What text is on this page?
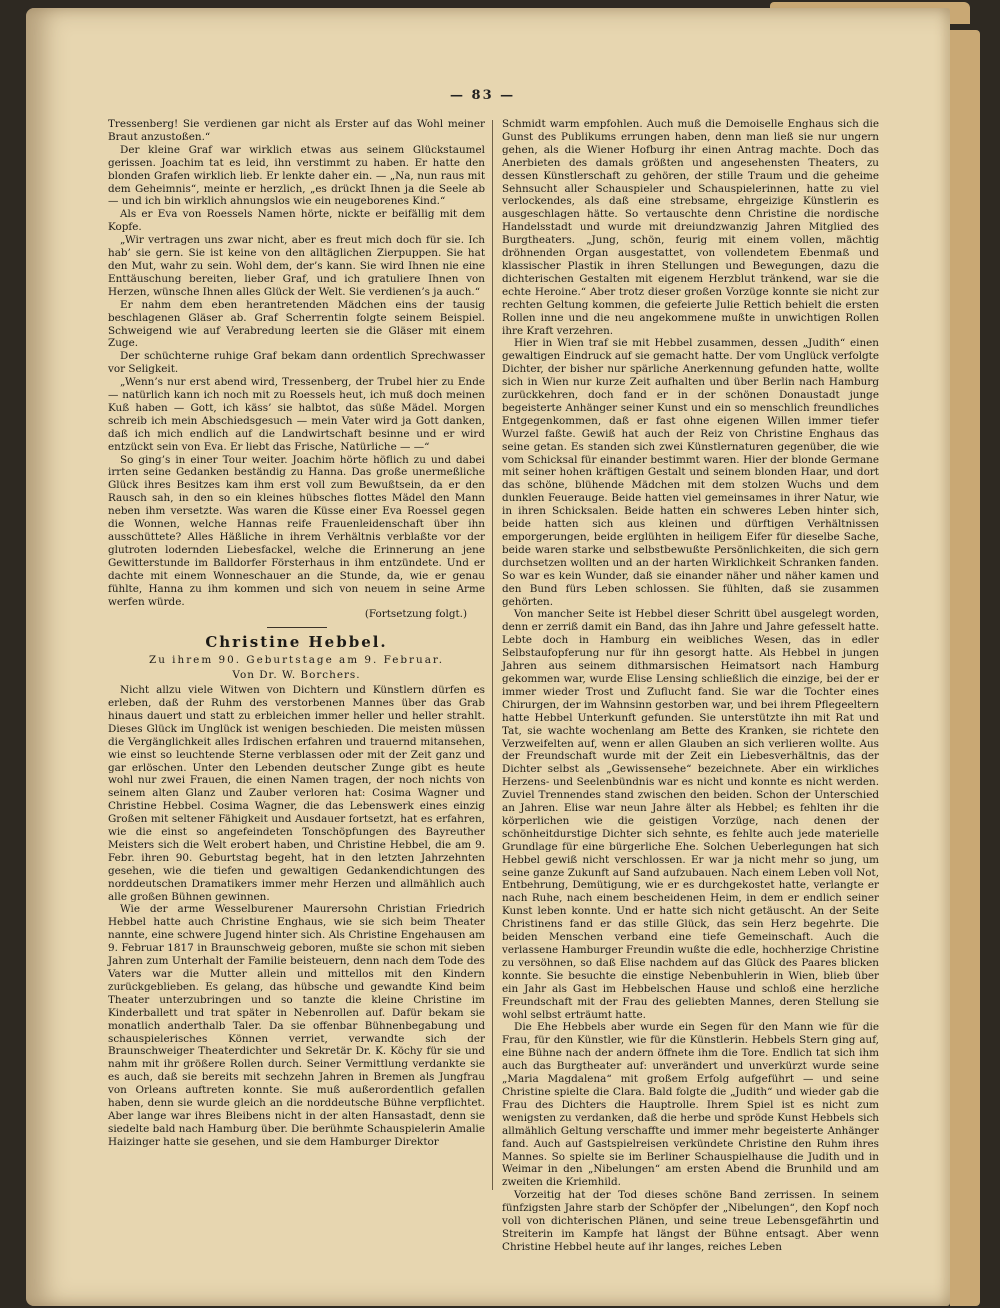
— 83 —

Tressenberg! Sie verdienen gar nicht als Erster auf das Wohl meiner Braut anzustoßen.“

Der kleine Graf war wirklich etwas aus seinem Glückstaumel gerissen. Joachim tat es leid, ihn verstimmt zu haben. Er hatte den blonden Grafen wirklich lieb. Er lenkte daher ein. — „Na, nun raus mit dem Geheimnis“, meinte er herzlich, „es drückt Ihnen ja die Seele ab — und ich bin wirklich ahnungslos wie ein neugeborenes Kind.“

Als er Eva von Roessels Namen hörte, nickte er beifällig mit dem Kopfe.

„Wir vertragen uns zwar nicht, aber es freut mich doch für sie. Ich hab’ sie gern. Sie ist keine von den alltäglichen Zierpuppen. Sie hat den Mut, wahr zu sein. Wohl dem, der’s kann. Sie wird Ihnen nie eine Enttäuschung bereiten, lieber Graf, und ich gratuliere Ihnen von Herzen, wünsche Ihnen alles Glück der Welt. Sie verdienen’s ja auch.“

Er nahm dem eben herantretenden Mädchen eins der tausig beschlagenen Gläser ab. Graf Scherrentin folgte seinem Beispiel. Schweigend wie auf Verabredung leerten sie die Gläser mit einem Zuge.

Der schüchterne ruhige Graf bekam dann ordentlich Sprechwasser vor Seligkeit.

„Wenn’s nur erst abend wird, Tressenberg, der Trubel hier zu Ende — natürlich kann ich noch mit zu Roessels heut, ich muß doch meinen Kuß haben — Gott, ich käss’ sie halbtot, das süße Mädel. Morgen schreib ich mein Abschiedsgesuch — mein Vater wird ja Gott danken, daß ich mich endlich auf die Landwirtschaft besinne und er wird entzückt sein von Eva. Er liebt das Frische, Natürliche — —“

So ging’s in einer Tour weiter. Joachim hörte höflich zu und dabei irrten seine Gedanken beständig zu Hanna. Das große unermeßliche Glück ihres Besitzes kam ihm erst voll zum Bewußtsein, da er den Rausch sah, in den so ein kleines hübsches flottes Mädel den Mann neben ihm versetzte. Was waren die Küsse einer Eva Roessel gegen die Wonnen, welche Hannas reife Frauenleidenschaft über ihn ausschüttete? Alles Häßliche in ihrem Verhältnis verblaßte vor der glutroten lodernden Liebesfackel, welche die Erinnerung an jene Gewitterstunde im Balldorfer Försterhaus in ihm entzündete. Und er dachte mit einem Wonneschauer an die Stunde, da, wie er genau fühlte, Hanna zu ihm kommen und sich von neuem in seine Arme werfen würde.

(Fortsetzung folgt.)

Christine Hebbel.
Zu ihrem 90. Geburtstage am 9. Februar.
Von Dr. W. Borchers.

Nicht allzu viele Witwen von Dichtern und Künstlern dürfen es erleben, daß der Ruhm des verstorbenen Mannes über das Grab hinaus dauert und statt zu erbleichen immer heller und heller strahlt. Dieses Glück im Unglück ist wenigen beschieden. Die meisten müssen die Vergänglichkeit alles Irdischen erfahren und trauernd mitansehen, wie einst so leuchtende Sterne verblassen oder mit der Zeit ganz und gar erlöschen. Unter den Lebenden deutscher Zunge gibt es heute wohl nur zwei Frauen, die einen Namen tragen, der noch nichts von seinem alten Glanz und Zauber verloren hat: Cosima Wagner und Christine Hebbel. Cosima Wagner, die das Lebenswerk eines einzig Großen mit seltener Fähigkeit und Ausdauer fortsetzt, hat es erfahren, wie die einst so angefeindeten Tonschöpfungen des Bayreuther Meisters sich die Welt erobert haben, und Christine Hebbel, die am 9. Febr. ihren 90. Geburtstag begeht, hat in den letzten Jahrzehnten gesehen, wie die tiefen und gewaltigen Gedankendichtungen des norddeutschen Dramatikers immer mehr Herzen und allmählich auch alle großen Bühnen gewinnen.

Wie der arme Wesselburener Maurersohn Christian Friedrich Hebbel hatte auch Christine Enghaus, wie sie sich beim Theater nannte, eine schwere Jugend hinter sich. Als Christine Engehausen am 9. Februar 1817 in Braunschweig geboren, mußte sie schon mit sieben Jahren zum Unterhalt der Familie beisteuern, denn nach dem Tode des Vaters war die Mutter allein und mittellos mit den Kindern zurückgeblieben. Es gelang, das hübsche und gewandte Kind beim Theater unterzubringen und so tanzte die kleine Christine im Kinderballett und trat später in Nebenrollen auf. Dafür bekam sie monatlich anderthalb Taler. Da sie offenbar Bühnenbegabung und schauspielerisches Können verriet, verwandte sich der Braunschweiger Theaterdichter und Sekretär Dr. K. Köchy für sie und nahm mit ihr größere Rollen durch. Seiner Vermittlung verdankte sie es auch, daß sie bereits mit sechzehn Jahren in Bremen als Jungfrau von Orleans auftreten konnte. Sie muß außerordentlich gefallen haben, denn sie wurde gleich an die norddeutsche Bühne verpflichtet. Aber lange war ihres Bleibens nicht in der alten Hansastadt, denn sie siedelte bald nach Hamburg über. Die berühmte Schauspielerin Amalie Haizinger hatte sie gesehen, und sie dem Hamburger Direktor

Schmidt warm empfohlen. Auch muß die Demoiselle Enghaus sich die Gunst des Publikums errungen haben, denn man ließ sie nur ungern gehen, als die Wiener Hofburg ihr einen Antrag machte. Doch das Anerbieten des damals größten und angesehensten Theaters, zu dessen Künstlerschaft zu gehören, der stille Traum und die geheime Sehnsucht aller Schauspieler und Schauspielerinnen, hatte zu viel verlockendes, als daß eine strebsame, ehrgeizige Künstlerin es ausgeschlagen hätte. So vertauschte denn Christine die nordische Handelsstadt und wurde mit dreiundzwanzig Jahren Mitglied des Burgtheaters. „Jung, schön, feurig mit einem vollen, mächtig dröhnenden Organ ausgestattet, von vollendetem Ebenmaß und klassischer Plastik in ihren Stellungen und Bewegungen, dazu die dichterischen Gestalten mit eigenem Herzblut tränkend, war sie die echte Heroine.“ Aber trotz dieser großen Vorzüge konnte sie nicht zur rechten Geltung kommen, die gefeierte Julie Rettich behielt die ersten Rollen inne und die neu angekommene mußte in unwichtigen Rollen ihre Kraft verzehren.

Hier in Wien traf sie mit Hebbel zusammen, dessen „Judith“ einen gewaltigen Eindruck auf sie gemacht hatte. Der vom Unglück verfolgte Dichter, der bisher nur spärliche Anerkennung gefunden hatte, wollte sich in Wien nur kurze Zeit aufhalten und über Berlin nach Hamburg zurückkehren, doch fand er in der schönen Donaustadt junge begeisterte Anhänger seiner Kunst und ein so menschlich freundliches Entgegenkommen, daß er fast ohne eigenen Willen immer tiefer Wurzel faßte. Gewiß hat auch der Reiz von Christine Enghaus das seine getan. Es standen sich zwei Künstlernaturen gegenüber, die wie vom Schicksal für einander bestimmt waren. Hier der blonde Germane mit seiner hohen kräftigen Gestalt und seinem blonden Haar, und dort das schöne, blühende Mädchen mit dem stolzen Wuchs und dem dunklen Feuerauge. Beide hatten viel gemeinsames in ihrer Natur, wie in ihren Schicksalen. Beide hatten ein schweres Leben hinter sich, beide hatten sich aus kleinen und dürftigen Verhältnissen emporgerungen, beide erglühten in heiligem Eifer für dieselbe Sache, beide waren starke und selbstbewußte Persönlichkeiten, die sich gern durchsetzen wollten und an der harten Wirklichkeit Schranken fanden. So war es kein Wunder, daß sie einander näher und näher kamen und den Bund fürs Leben schlossen. Sie fühlten, daß sie zusammen gehörten.

Von mancher Seite ist Hebbel dieser Schritt übel ausgelegt worden, denn er zerriß damit ein Band, das ihn Jahre und Jahre gefesselt hatte. Lebte doch in Hamburg ein weibliches Wesen, das in edler Selbstaufopferung nur für ihn gesorgt hatte. Als Hebbel in jungen Jahren aus seinem dithmarsischen Heimatsort nach Hamburg gekommen war, wurde Elise Lensing schließlich die einzige, bei der er immer wieder Trost und Zuflucht fand. Sie war die Tochter eines Chirurgen, der im Wahnsinn gestorben war, und bei ihrem Pflegeeltern hatte Hebbel Unterkunft gefunden. Sie unterstützte ihn mit Rat und Tat, sie wachte wochenlang am Bette des Kranken, sie richtete den Verzweifelten auf, wenn er allen Glauben an sich verlieren wollte. Aus der Freundschaft wurde mit der Zeit ein Liebesverhältnis, das der Dichter selbst als „Gewissensehe“ bezeichnete. Aber ein wirkliches Herzens- und Seelenbündnis war es nicht und konnte es nicht werden. Zuviel Trennendes stand zwischen den beiden. Schon der Unterschied an Jahren. Elise war neun Jahre älter als Hebbel; es fehlten ihr die körperlichen wie die geistigen Vorzüge, nach denen der schönheitdurstige Dichter sich sehnte, es fehlte auch jede materielle Grundlage für eine bürgerliche Ehe. Solchen Ueberlegungen hat sich Hebbel gewiß nicht verschlossen. Er war ja nicht mehr so jung, um seine ganze Zukunft auf Sand aufzubauen. Nach einem Leben voll Not, Entbehrung, Demütigung, wie er es durchgekostet hatte, verlangte er nach Ruhe, nach einem bescheidenen Heim, in dem er endlich seiner Kunst leben konnte. Und er hatte sich nicht getäuscht. An der Seite Christinens fand er das stille Glück, das sein Herz begehrte. Die beiden Menschen verband eine tiefe Gemeinschaft. Auch die verlassene Hamburger Freundin wußte die edle, hochherzige Christine zu versöhnen, so daß Elise nachdem auf das Glück des Paares blicken konnte. Sie besuchte die einstige Nebenbuhlerin in Wien, blieb über ein Jahr als Gast im Hebbelschen Hause und schloß eine herzliche Freundschaft mit der Frau des geliebten Mannes, deren Stellung sie wohl selbst erträumt hatte.

Die Ehe Hebbels aber wurde ein Segen für den Mann wie für die Frau, für den Künstler, wie für die Künstlerin. Hebbels Stern ging auf, eine Bühne nach der andern öffnete ihm die Tore. Endlich tat sich ihm auch das Burgtheater auf: unverändert und unverkürzt wurde seine „Maria Magdalena“ mit großem Erfolg aufgeführt — und seine Christine spielte die Clara. Bald folgte die „Judith“ und wieder gab die Frau des Dichters die Hauptrolle. Ihrem Spiel ist es nicht zum wenigsten zu verdanken, daß die herbe und spröde Kunst Hebbels sich allmählich Geltung verschaffte und immer mehr begeisterte Anhänger fand. Auch auf Gastspielreisen verkündete Christine den Ruhm ihres Mannes. So spielte sie im Berliner Schauspielhause die Judith und in Weimar in den „Nibelungen“ am ersten Abend die Brunhild und am zweiten die Kriemhild.

Vorzeitig hat der Tod dieses schöne Band zerrissen. In seinem fünfzigsten Jahre starb der Schöpfer der „Nibelungen“, den Kopf noch voll von dichterischen Plänen, und seine treue Lebensgefährtin und Streiterin im Kampfe hat längst der Bühne entsagt. Aber wenn Christine Hebbel heute auf ihr langes, reiches Leben
